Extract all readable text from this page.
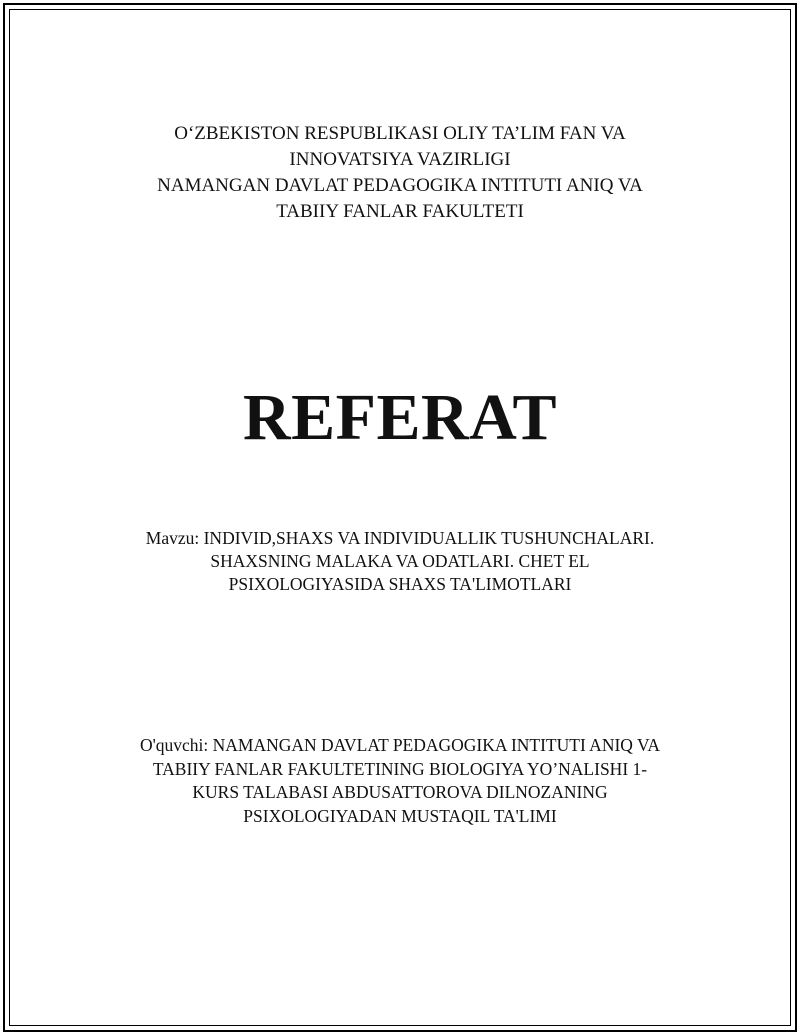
O‘ZBEKISTON RESPUBLIKASI OLIY TA’LIM FAN VA
INNOVATSIYA VAZIRLIGI
NAMANGAN DAVLAT PEDAGOGIKA INTITUTI ANIQ VA
TABIIY FANLAR FAKULTETI
REFERAT
Mavzu: INDIVID,SHAXS VA INDIVIDUALLIK TUSHUNCHALARI.
SHAXSNING MALAKA VA ODATLARI. CHET EL
PSIXOLOGIYASIDA SHAXS TA'LIMOTLARI
O'quvchi: NAMANGAN DAVLAT PEDAGOGIKA INTITUTI ANIQ VA
TABIIY FANLAR FAKULTETINING BIOLOGIYA YO’NALISHI 1-
KURS TALABASI ABDUSATTOROVA DILNOZANING
PSIXOLOGIYADAN MUSTAQIL TA'LIMI
